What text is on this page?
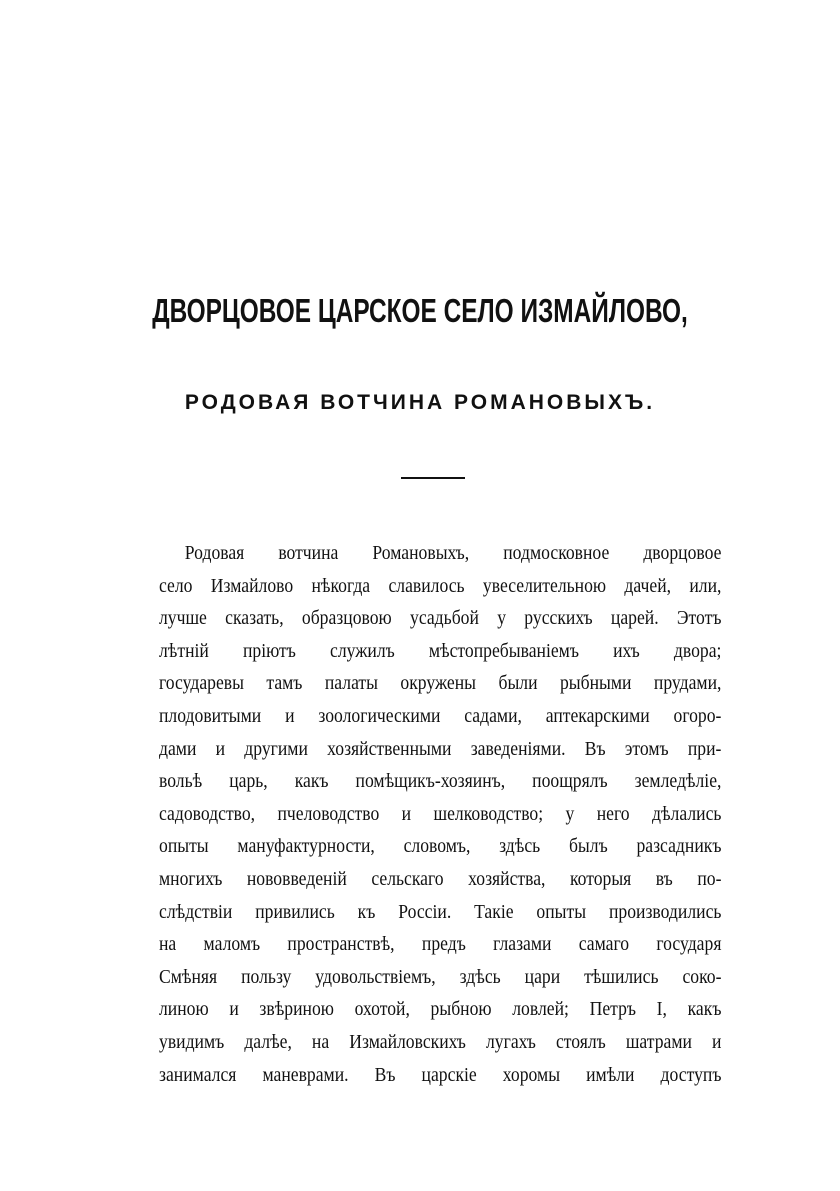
ДВОРЦОВОЕ ЦАРСКОЕ СЕЛО ИЗМАЙЛОВО,
РОДОВАЯ ВОТЧИНА РОМАНОВЫХЪ.
Родовая вотчина Романовыхъ, подмосковное дворцовое
село Измайлово нѣкогда славилось увеселительною дачей, или,
лучше сказать, образцовою усадьбой у русскихъ царей. Этотъ
лѣтній пріютъ служилъ мѣстопребываніемъ ихъ двора;
государевы тамъ палаты окружены были рыбными прудами,
плодовитыми и зоологическими садами, аптекарскими огоро-
дами и другими хозяйственными заведеніями. Въ этомъ при-
вольѣ царь, какъ помѣщикъ-хозяинъ, поощрялъ земледѣліе,
садоводство, пчеловодство и шелководство; у него дѣлались
опыты мануфактурности, словомъ, здѣсь былъ разсадникъ
многихъ нововведеній сельскаго хозяйства, которыя въ по-
слѣдствіи привились къ Россіи. Такіе опыты производились
на маломъ пространствѣ, предъ глазами самаго государя
Смѣняя пользу удовольствіемъ, здѣсь цари тѣшились соко-
линою и звѣриною охотой, рыбною ловлей; Петръ I, какъ
увидимъ далѣе, на Измайловскихъ лугахъ стоялъ шатрами и
занимался маневрами. Въ царскіе хоромы имѣли доступъ
